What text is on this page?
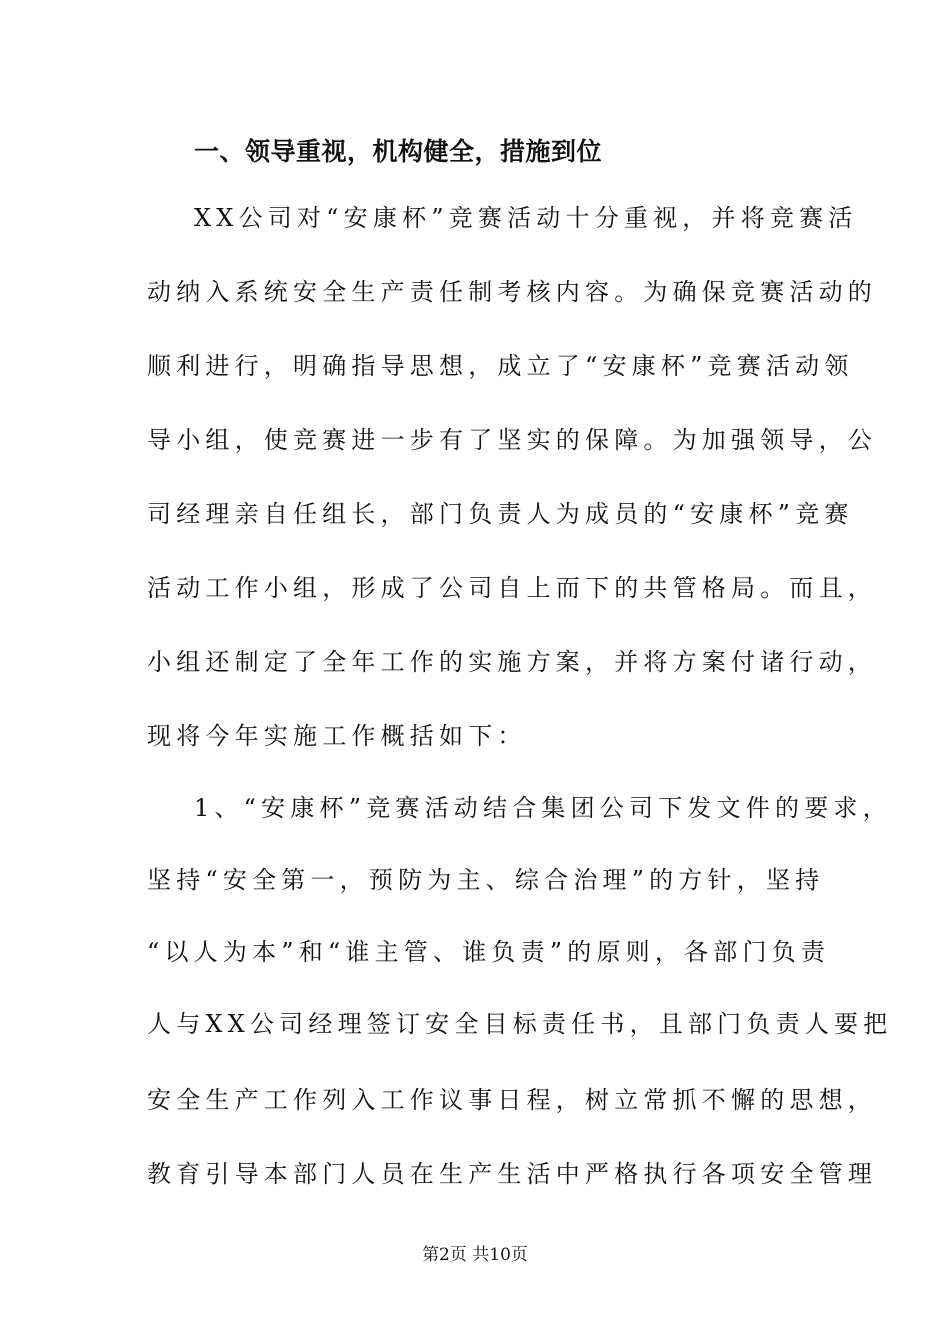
一、领导重视，机构健全，措施到位
XX公司对“安康杯”竞赛活动十分重视，并将竞赛活
动纳入系统安全生产责任制考核内容。为确保竞赛活动的
顺利进行，明确指导思想，成立了“安康杯”竞赛活动领
导小组，使竞赛进一步有了坚实的保障。为加强领导，公
司经理亲自任组长，部门负责人为成员的“安康杯”竞赛
活动工作小组，形成了公司自上而下的共管格局。而且，
小组还制定了全年工作的实施方案，并将方案付诸行动，
现将今年实施工作概括如下：
1、“安康杯”竞赛活动结合集团公司下发文件的要求，
坚持“安全第一，预防为主、综合治理”的方针，坚持
“以人为本”和“谁主管、谁负责”的原则，各部门负责
人与XX公司经理签订安全目标责任书，且部门负责人要把
安全生产工作列入工作议事日程，树立常抓不懈的思想，
教育引导本部门人员在生产生活中严格执行各项安全管理
第2页 共10页
